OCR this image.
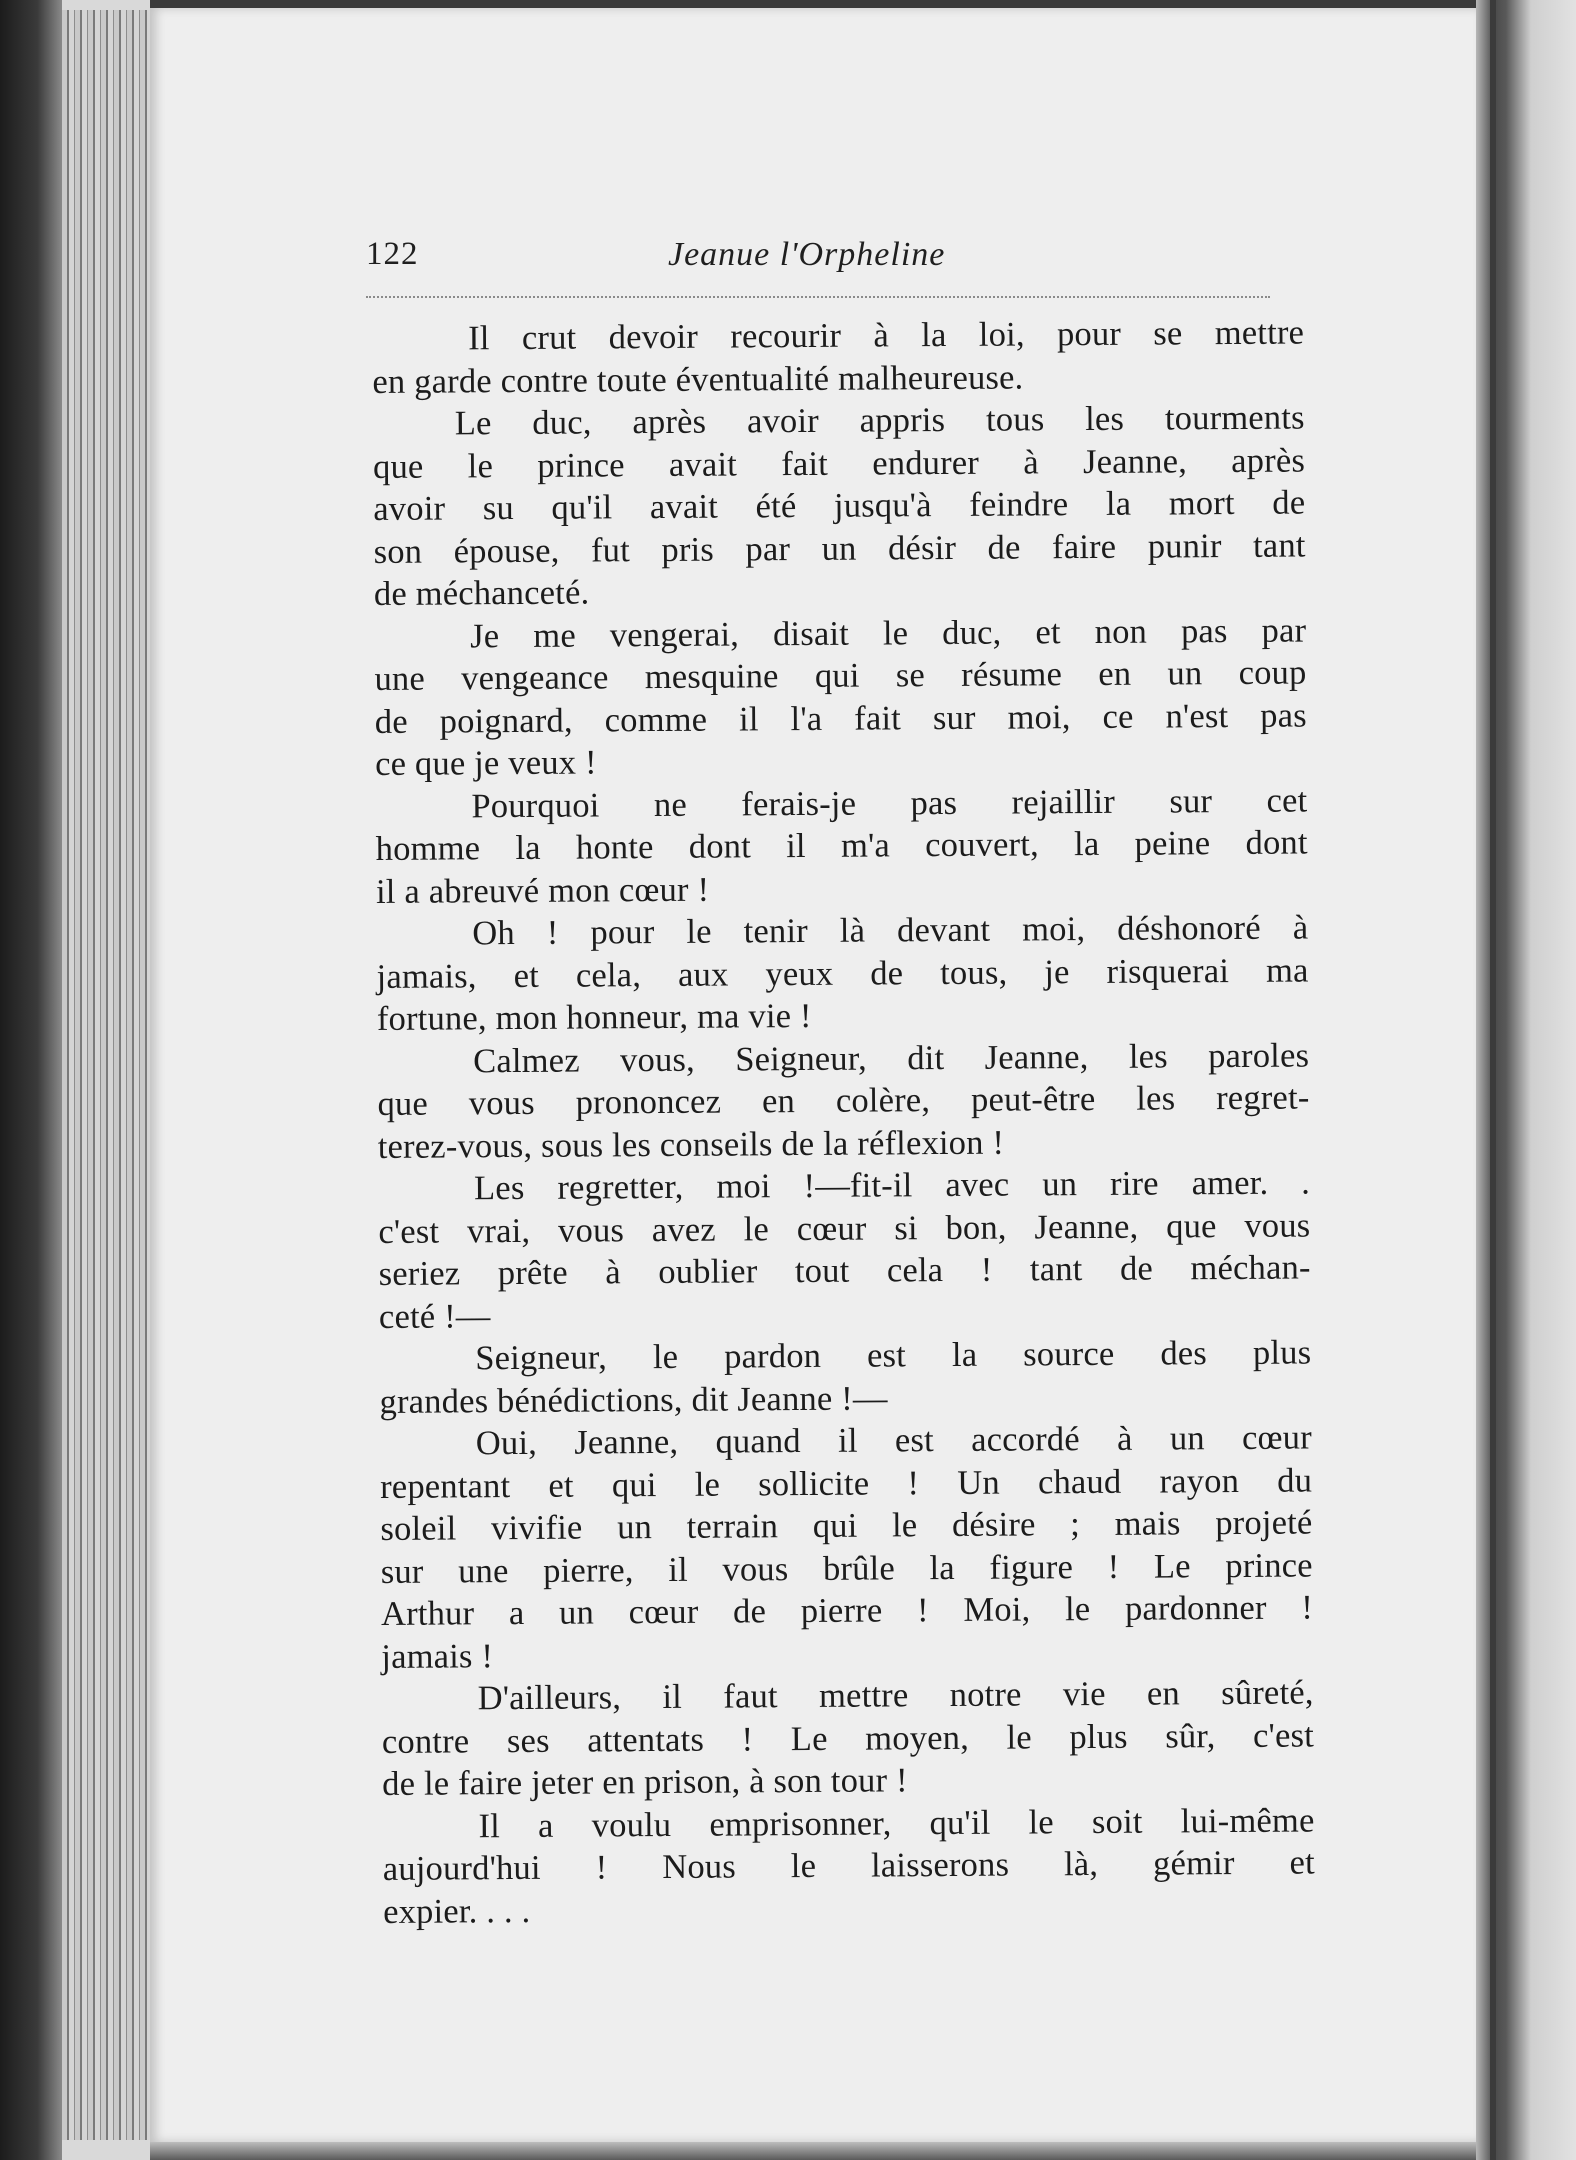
122	Jeanue l'Orpheline
Il crut devoir recourir à la loi, pour se mettre
en garde contre toute éventualité malheureuse.
Le duc, après avoir appris tous les tourments
que le prince avait fait endurer à Jeanne, après
avoir su qu'il avait été jusqu'à feindre la mort de
son épouse, fut pris par un désir de faire punir tant
de méchanceté.
Je me vengerai, disait le duc, et non pas par
une vengeance mesquine qui se résume en un coup
de poignard, comme il l'a fait sur moi, ce n'est pas
ce que je veux !
Pourquoi ne ferais-je pas rejaillir sur cet
homme la honte dont il m'a couvert, la peine dont
il a abreuvé mon cœur !
Oh ! pour le tenir là devant moi, déshonoré à
jamais, et cela, aux yeux de tous, je risquerai ma
fortune, mon honneur, ma vie !
Calmez vous, Seigneur, dit Jeanne, les paroles
que vous prononcez en colère, peut-être les regret-
terez-vous, sous les conseils de la réflexion !
Les regretter, moi !—fit-il avec un rire amer. .
c'est vrai, vous avez le cœur si bon, Jeanne, que vous
seriez prête à oublier tout cela ! tant de méchan-
ceté !—
Seigneur, le pardon est la source des plus
grandes bénédictions, dit Jeanne !—
Oui, Jeanne, quand il est accordé à un cœur
repentant et qui le sollicite ! Un chaud rayon du
soleil vivifie un terrain qui le désire ; mais projeté
sur une pierre, il vous brûle la figure ! Le prince
Arthur a un cœur de pierre ! Moi, le pardonner !
jamais !
D'ailleurs, il faut mettre notre vie en sûreté,
contre ses attentats ! Le moyen, le plus sûr, c'est
de le faire jeter en prison, à son tour !
Il a voulu emprisonner, qu'il le soit lui-même
aujourd'hui ! Nous le laisserons là, gémir et
expier. . . .
